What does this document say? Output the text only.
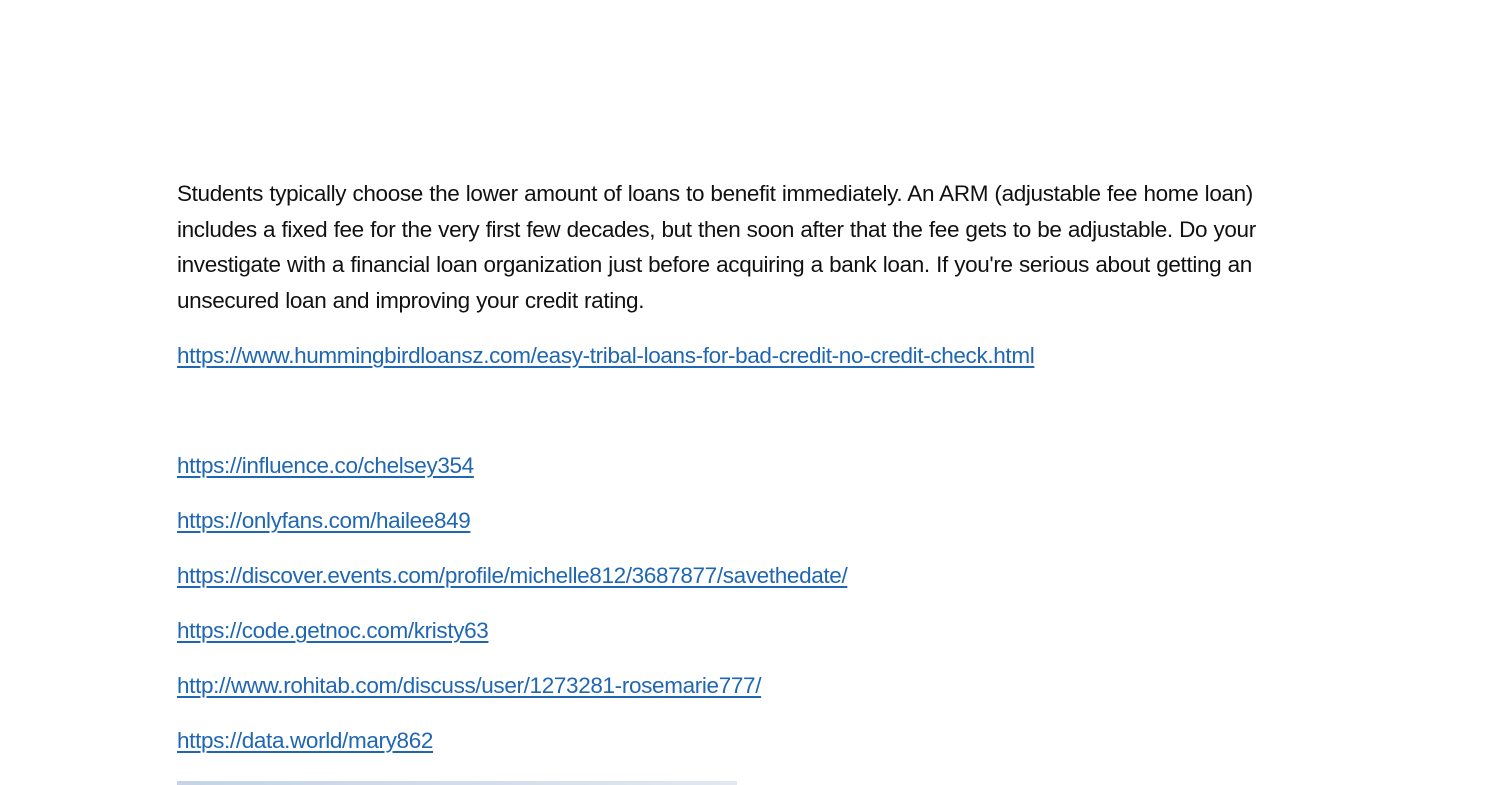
Students typically choose the lower amount of loans to benefit immediately. An ARM (adjustable fee home loan) includes a fixed fee for the very first few decades, but then soon after that the fee gets to be adjustable. Do your investigate with a financial loan organization just before acquiring a bank loan. If you're serious about getting an unsecured loan and improving your credit rating.

https://www.hummingbirdloansz.com/easy-tribal-loans-for-bad-credit-no-credit-check.html

https://influence.co/chelsey354

https://onlyfans.com/hailee849

https://discover.events.com/profile/michelle812/3687877/savethedate/

https://code.getnoc.com/kristy63

http://www.rohitab.com/discuss/user/1273281-rosemarie777/

https://data.world/mary862
